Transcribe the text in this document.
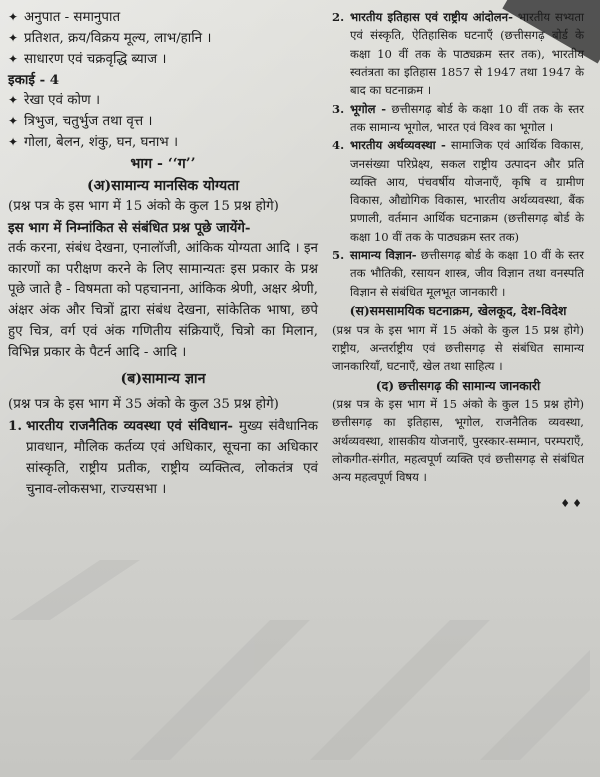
✦ अनुपात - समानुपात
✦ प्रतिशत, क्रय/विक्रय मूल्य, लाभ/हानि ।
✦ साधारण एवं चक्रवृद्धि ब्याज ।

इकाई - 4

✦ रेखा एवं कोण ।
✦ त्रिभुज, चतुर्भुज तथा वृत्त ।
✦ गोला, बेलन, शंकु, घन, घनाभ ।

भाग - ‘‘ग’’

(अ)सामान्य मानसिक योग्यता

(प्रश्न पत्र के इस भाग में 15 अंको के कुल 15 प्रश्न होगे)

इस भाग में निम्नांकित से संबंधित प्रश्न पूछे जायेंगे-

तर्क करना, संबंध देखना, एनालॉजी, आंकिक योग्यता आदि । इन कारणों का परीक्षण करने के लिए सामान्यतः इस प्रकार के प्रश्न पूछे जाते है - विषमता को पहचानना, आंकिक श्रेणी, अक्षर श्रेणी, अंक्षर अंक और चित्रों द्वारा संबंध देखना, सांकेतिक भाषा, छपे हुए चित्र, वर्ग एवं अंक गणितीय संक्रियाएँ, चित्रो का मिलान, विभिन्न प्रकार के पैटर्न आदि - आदि ।

(ब)सामान्य ज्ञान

(प्रश्न पत्र के इस भाग में 35 अंको के कुल 35 प्रश्न होगे)

1. भारतीय राजनैतिक व्यवस्था एवं संविधान- मुख्य संवैधानिक प्रावधान, मौलिक कर्तव्य एवं अधिकार, सूचना का अधिकार सांस्कृति, राष्ट्रीय प्रतीक, राष्ट्रीय व्यक्तित्व, लोकतंत्र एवं चुनाव-लोकसभा, राज्यसभा ।
2. भारतीय इतिहास एवं राष्ट्रीय आंदोलन- भारतीय सभ्यता एवं संस्कृति, ऐतिहासिक घटनाएँ (छत्तीसगढ़ बोर्ड के कक्षा 10 वीं तक के पाठ्यक्रम स्तर तक), भारतीय स्वतंत्रता का इतिहास 1857 से 1947 तथा 1947 के बाद का घटनाक्रम ।
3. भूगोल - छत्तीसगढ़ बोर्ड के कक्षा 10 वीं तक के स्तर तक सामान्य भूगोल, भारत एवं विश्व का भूगोल ।
4. भारतीय अर्थव्यवस्था - सामाजिक एवं आर्थिक विकास, जनसंख्या परिप्रेक्ष्य, सकल राष्ट्रीय उत्पादन और प्रति व्यक्ति आय, पंचवर्षीय योजनाएँ, कृषि व ग्रामीण विकास, औद्योगिक विकास, भारतीय अर्थव्यवस्था, बैंक प्रणाली, वर्तमान आर्थिक घटनाक्रम (छत्तीसगढ़ बोर्ड के कक्षा 10 वीं तक के पाठ्यक्रम स्तर तक)
5. सामान्य विज्ञान- छत्तीसगढ़ बोर्ड के कक्षा 10 वीं के स्तर तक भौतिकी, रसायन शास्त्र, जीव विज्ञान तथा वनस्पति विज्ञान से संबंधित मूलभूत जानकारी ।

(स)समसामयिक घटनाक्रम, खेलकूद, देश-विदेश

(प्रश्न पत्र के इस भाग में 15 अंको के कुल 15 प्रश्न होगे) राष्ट्रीय, अन्तर्राष्ट्रीय एवं छत्तीसगढ़ से संबंधित सामान्य जानकारियाँ, घटनाएँ, खेल तथा साहित्य ।

(द) छत्तीसगढ़ की सामान्य जानकारी

(प्रश्न पत्र के इस भाग में 15 अंको के कुल 15 प्रश्न होगे) छत्तीसगढ़ का इतिहास, भूगोल, राजनैतिक व्यवस्था, अर्थव्यवस्था, शासकीय योजनाएँ, पुरस्कार-सम्मान, परम्पराएँ, लोकगीत-संगीत, महत्वपूर्ण व्यक्ति एवं छत्तीसगढ़ से संबंधित अन्य महत्वपूर्ण विषय ।

♦♦
